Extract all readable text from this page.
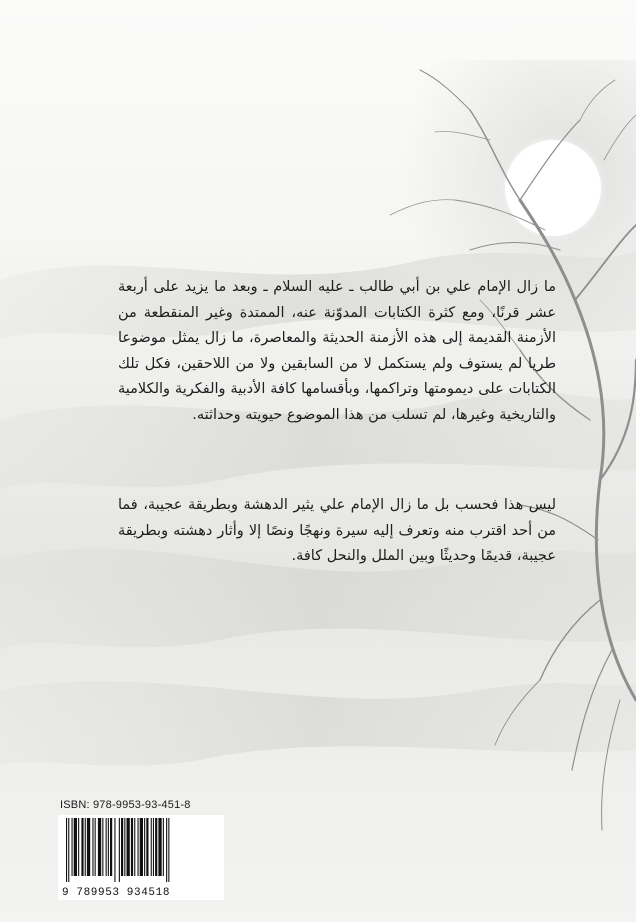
ما زال الإمام علي بن أبي طالب ـ عليه السلام ـ وبعد ما يزيد على أربعة عشر قرنًا، ومع كثرة الكتابات المدوّنة عنه، الممتدة وغير المنقطعة من الأزمنة القديمة إلى هذه الأزمنة الحديثة والمعاصرة، ما زال يمثل موضوعا طريا لم يستوف ولم يستكمل لا من السابقين ولا من اللاحقين، فكل تلك الكتابات على ديمومتها وتراكمها، وبأقسامها كافة الأدبية والفكرية والكلامية والتاريخية وغيرها، لم تسلب من هذا الموضوع حيويته وحداثته.

ليس هذا فحسب بل ما زال الإمام علي يثير الدهشة وبطريقة عجيبة، فما من أحد اقترب منه وتعرف إليه سيرة ونهجًا ونصًا إلا وأثار دهشته وبطريقة عجيبة، قديمًا وحديثًا وبين الملل والنحل كافة.

ISBN: 978-9953-93-451-8
9 789953 934518
